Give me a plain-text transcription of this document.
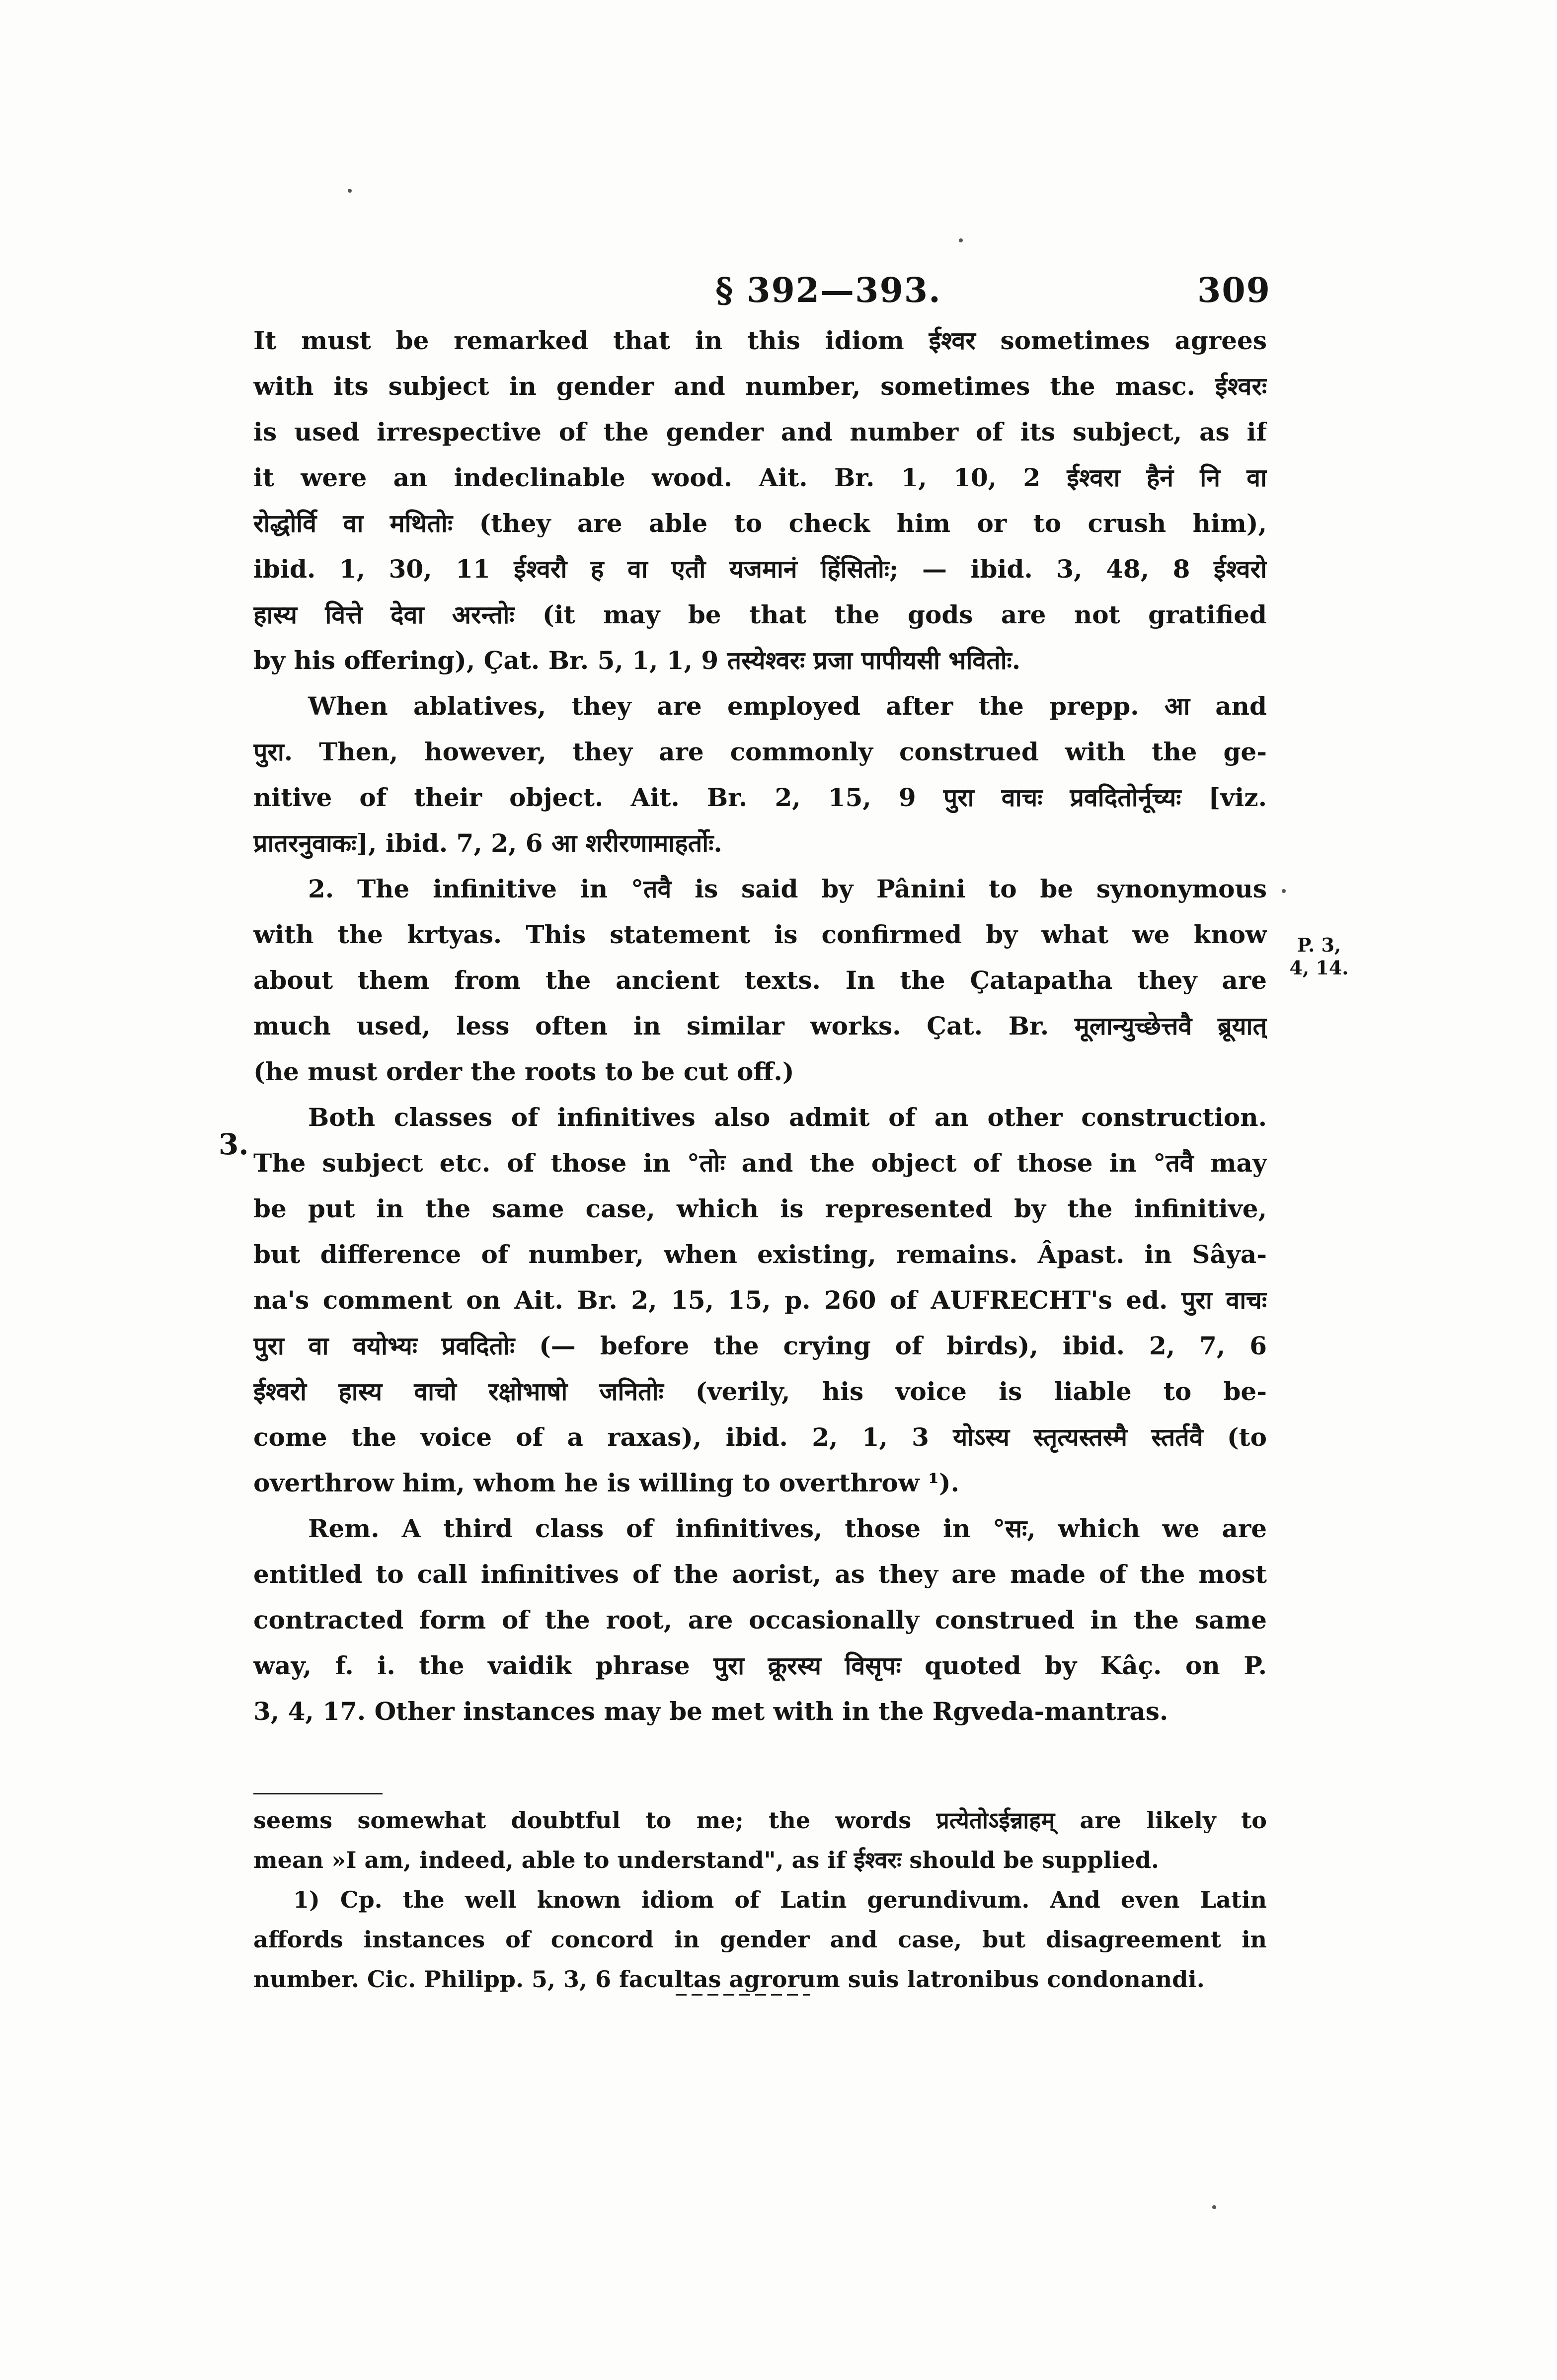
§ 392—393.	309
3.
P. 3, 4, 14.

It must be remarked that in this idiom ईश्वर sometimes agrees
with its subject in gender and number, sometimes the masc. ईश्वरः
is used irrespective of the gender and number of its subject, as if
it were an indeclinable wood. Ait. Br. 1, 10, 2 ईश्वरा हैनं नि वा
रोद्धोर्वि वा मथितोः (they are able to check him or to crush him),
ibid. 1, 30, 11 ईश्वरौ ह वा एतौ यजमानं हिंसितोः; — ibid. 3, 48, 8 ईश्वरो
हास्य वित्ते देवा अरन्तोः (it may be that the gods are not gratified
by his offering), Çat. Br. 5, 1, 1, 9 तस्येश्वरः प्रजा पापीयसी भवितोः.

When ablatives, they are employed after the prepp. आ and
पुरा. Then, however, they are commonly construed with the ge-
nitive of their object. Ait. Br. 2, 15, 9 पुरा वाचः प्रवदितोर्नूच्यः [viz.
प्रातरनुवाकः], ibid. 7, 2, 6 आ शरीरणामाहर्तोः.

2. The infinitive in °तवै is said by Pânini to be synonymous
with the krtyas. This statement is confirmed by what we know
about them from the ancient texts. In the Çatapatha they are
much used, less often in similar works. Çat. Br. मूलान्युच्छेत्तवै ब्रूयात्
(he must order the roots to be cut off.)

Both classes of infinitives also admit of an other construction.
The subject etc. of those in °तोः and the object of those in °तवै may
be put in the same case, which is represented by the infinitive,
but difference of number, when existing, remains. Âpast. in Sâya-
na's comment on Ait. Br. 2, 15, 15, p. 260 of AUFRECHT's ed. पुरा वाचः
पुरा वा वयोभ्यः प्रवदितोः (— before the crying of birds), ibid. 2, 7, 6
ईश्वरो हास्य वाचो रक्षोभाषो जनितोः (verily, his voice is liable to be-
come the voice of a raxas), ibid. 2, 1, 3 योऽस्य स्तृत्यस्तस्मै स्तर्तवै (to
overthrow him, whom he is willing to overthrow ¹).

Rem. A third class of infinitives, those in °सः, which we are
entitled to call infinitives of the aorist, as they are made of the most
contracted form of the root, are occasionally construed in the same
way, f. i. the vaidik phrase पुरा क्रूरस्य विसृपः quoted by Kâç. on P.
3, 4, 17. Other instances may be met with in the Rgveda-mantras.

seems somewhat doubtful to me; the words प्रत्येतोऽईन्नाहम् are likely to
mean »I am, indeed, able to understand", as if ईश्वरः should be supplied.
1) Cp. the well known idiom of Latin gerundivum. And even Latin
affords instances of concord in gender and case, but disagreement in
number. Cic. Philipp. 5, 3, 6 facultas agrorum suis latronibus condonandi.
